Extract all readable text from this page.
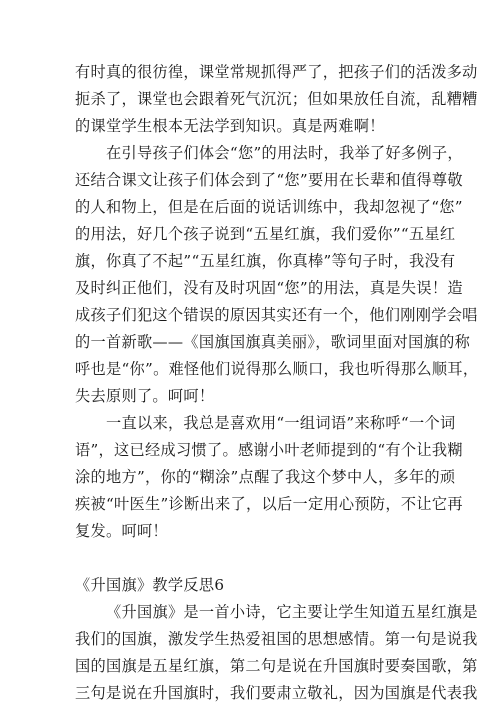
有时真的很彷徨，课堂常规抓得严了，把孩子们的活泼多动
扼杀了，课堂也会跟着死气沉沉；但如果放任自流，乱糟糟
的课堂学生根本无法学到知识。真是两难啊！
在引导孩子们体会“您”的用法时，我举了好多例子，
还结合课文让孩子们体会到了“您”要用在长辈和值得尊敬
的人和物上，但是在后面的说话训练中，我却忽视了“您”
的用法，好几个孩子说到“五星红旗，我们爱你”“五星红
旗，你真了不起”“五星红旗，你真棒”等句子时，我没有
及时纠正他们，没有及时巩固“您”的用法，真是失误！造
成孩子们犯这个错误的原因其实还有一个，他们刚刚学会唱
的一首新歌——《国旗国旗真美丽》，歌词里面对国旗的称
呼也是“你”。难怪他们说得那么顺口，我也听得那么顺耳，
失去原则了。呵呵！
一直以来，我总是喜欢用“一组词语”来称呼“一个词
语”，这已经成习惯了。感谢小叶老师提到的“有个让我糊
涂的地方”，你的“糊涂”点醒了我这个梦中人，多年的顽
疾被“叶医生”诊断出来了，以后一定用心预防，不让它再
复发。呵呵！
《升国旗》教学反思6
《升国旗》是一首小诗，它主要让学生知道五星红旗是
我们的国旗，激发学生热爱祖国的思想感情。第一句是说我
国的国旗是五星红旗，第二句是说在升国旗时要奏国歌，第
三句是说在升国旗时，我们要肃立敬礼，因为国旗是代表我
